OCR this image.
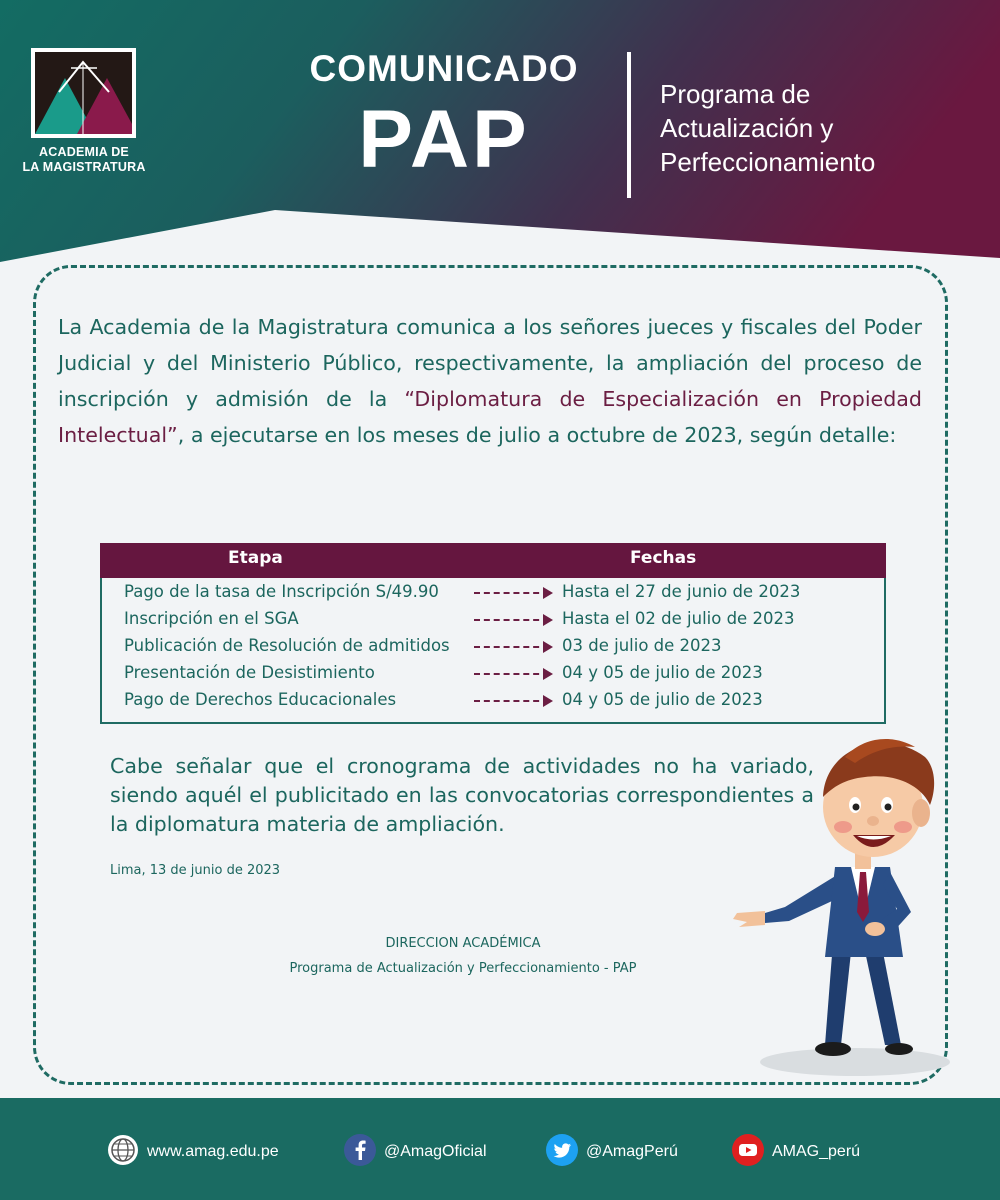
ACADEMIA DE
LA MAGISTRATURA
COMUNICADO
PAP	Programa de
Actualización y
Perfeccionamiento
La Academia de la Magistratura comunica a los señores jueces y fiscales del Poder Judicial y del Ministerio Público, respectivamente, la ampliación del proceso de inscripción y admisión de la “Diplomatura de Especialización en Propiedad Intelectual”, a ejecutarse en los meses de julio a octubre de 2023, según detalle:
Etapa	Fechas
Pago de la tasa de Inscripción S/49.90	Hasta el 27 de junio de 2023
Inscripción en el SGA	Hasta el 02 de julio de 2023
Publicación de Resolución de admitidos	03 de julio de 2023
Presentación de Desistimiento	04 y 05 de julio de 2023
Pago de Derechos Educacionales	04 y 05 de julio de 2023
Cabe señalar que el cronograma de actividades no ha variado, siendo aquél el publicitado en las convocatorias correspondientes a la diplomatura materia de ampliación.
Lima, 13 de junio de 2023
DIRECCION ACADÉMICA
Programa de Actualización y Perfeccionamiento - PAP
www.amag.edu.pe	@AmagOficial	@AmagPerú	AMAG_perú
